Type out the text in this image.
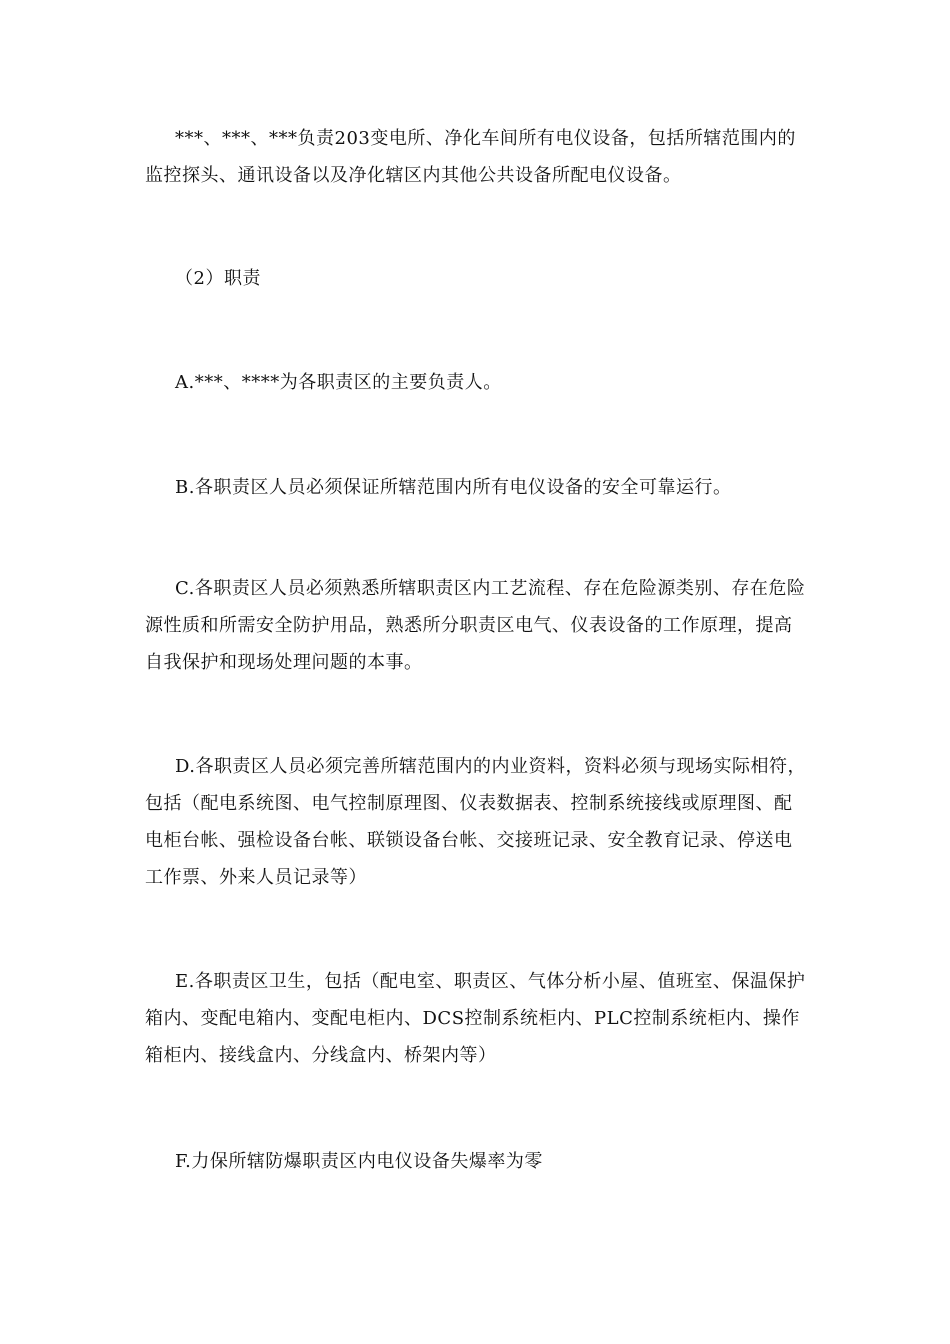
***、***、***负责203变电所、净化车间所有电仪设备，包括所辖范围内的监控探头、通讯设备以及净化辖区内其他公共设备所配电仪设备。
（2）职责
A.***、****为各职责区的主要负责人。
B.各职责区人员必须保证所辖范围内所有电仪设备的安全可靠运行。
C.各职责区人员必须熟悉所辖职责区内工艺流程、存在危险源类别、存在危险源性质和所需安全防护用品，熟悉所分职责区电气、仪表设备的工作原理，提高自我保护和现场处理问题的本事。
D.各职责区人员必须完善所辖范围内的内业资料，资料必须与现场实际相符，包括（配电系统图、电气控制原理图、仪表数据表、控制系统接线或原理图、配电柜台帐、强检设备台帐、联锁设备台帐、交接班记录、安全教育记录、停送电工作票、外来人员记录等）
E.各职责区卫生，包括（配电室、职责区、气体分析小屋、值班室、保温保护箱内、变配电箱内、变配电柜内、DCS控制系统柜内、PLC控制系统柜内、操作箱柜内、接线盒内、分线盒内、桥架内等）
F.力保所辖防爆职责区内电仪设备失爆率为零
